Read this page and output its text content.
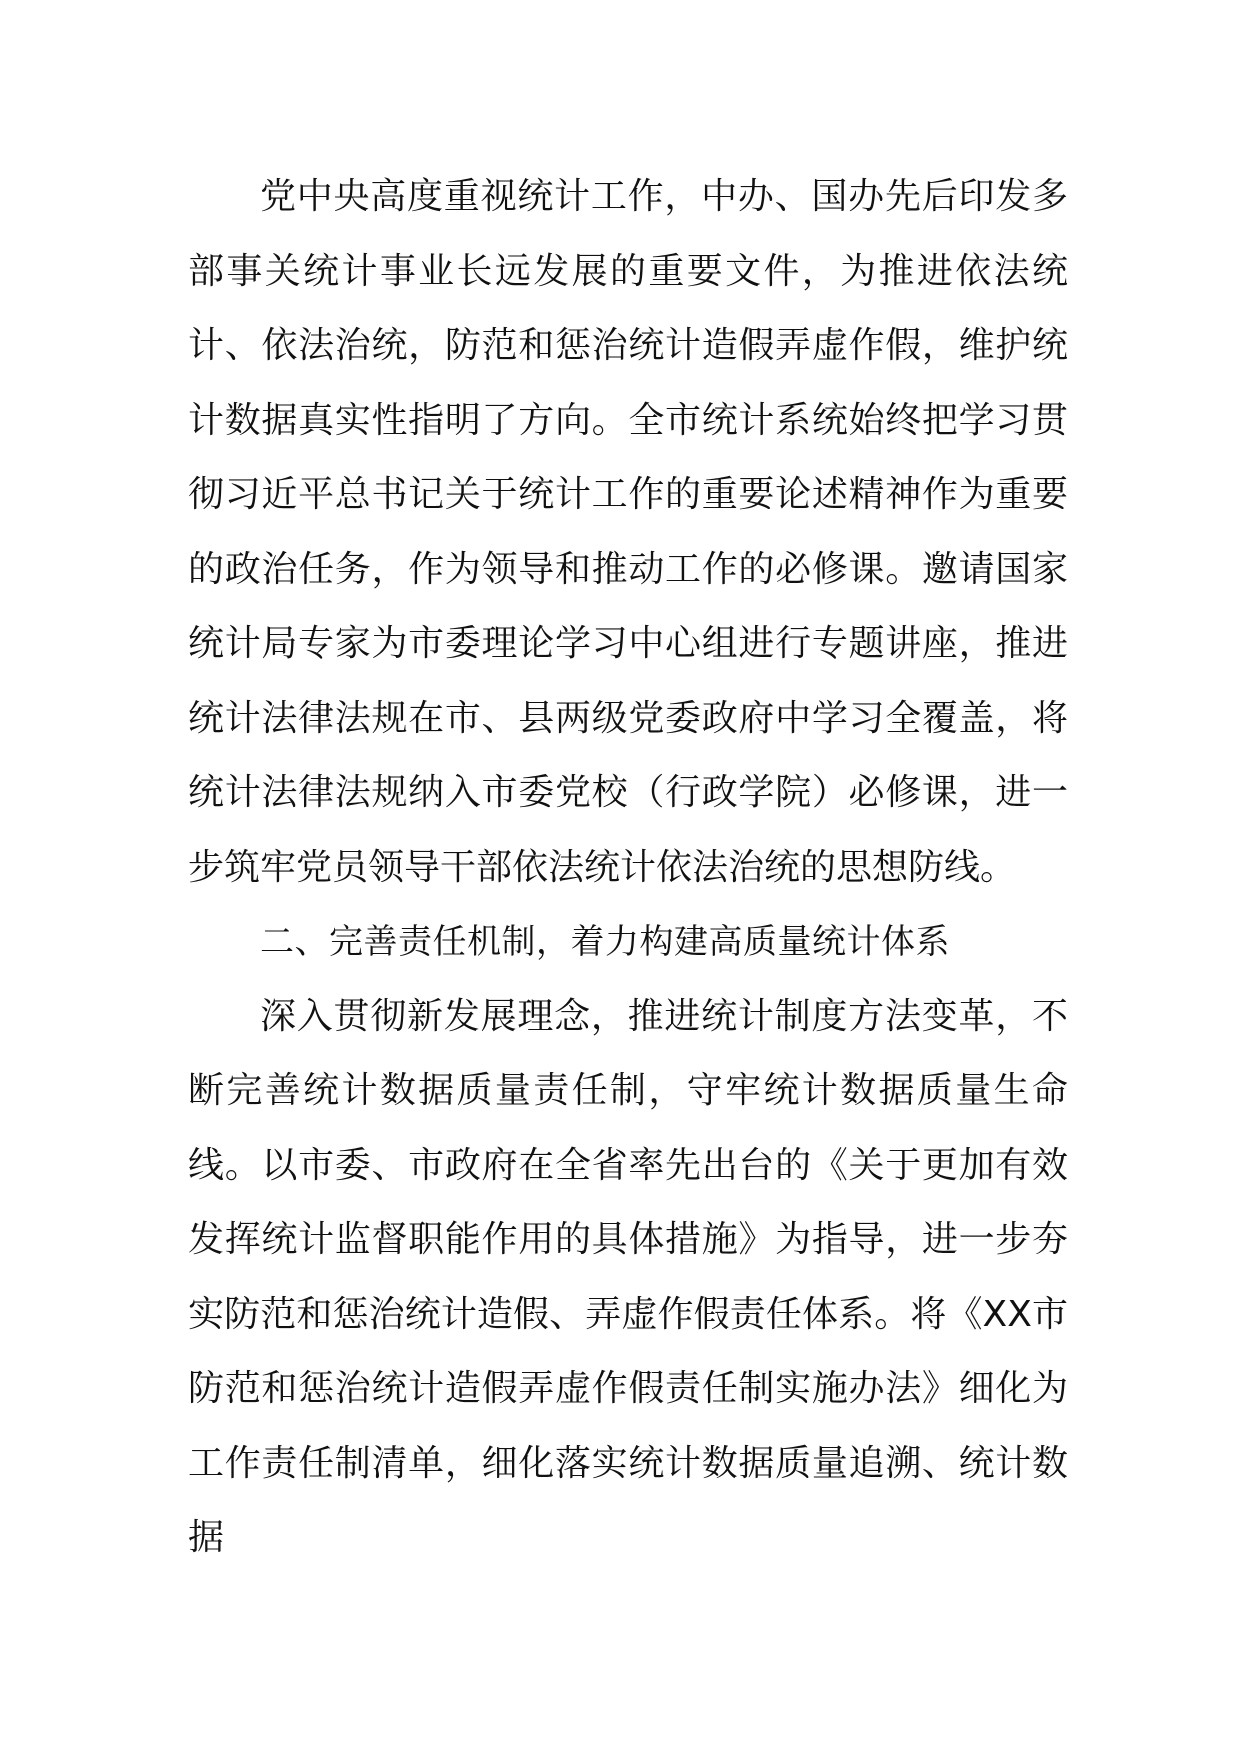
党中央高度重视统计工作，中办、国办先后印发多部事关统计事业长远发展的重要文件，为推进依法统计、依法治统，防范和惩治统计造假弄虚作假，维护统计数据真实性指明了方向。全市统计系统始终把学习贯彻习近平总书记关于统计工作的重要论述精神作为重要的政治任务，作为领导和推动工作的必修课。邀请国家统计局专家为市委理论学习中心组进行专题讲座，推进统计法律法规在市、县两级党委政府中学习全覆盖，将统计法律法规纳入市委党校（行政学院）必修课，进一步筑牢党员领导干部依法统计依法治统的思想防线。

二、完善责任机制，着力构建高质量统计体系

深入贯彻新发展理念，推进统计制度方法变革，不断完善统计数据质量责任制，守牢统计数据质量生命线。以市委、市政府在全省率先出台的《关于更加有效发挥统计监督职能作用的具体措施》为指导，进一步夯实防范和惩治统计造假、弄虚作假责任体系。将《XX市防范和惩治统计造假弄虚作假责任制实施办法》细化为工作责任制清单，细化落实统计数据质量追溯、统计数据
